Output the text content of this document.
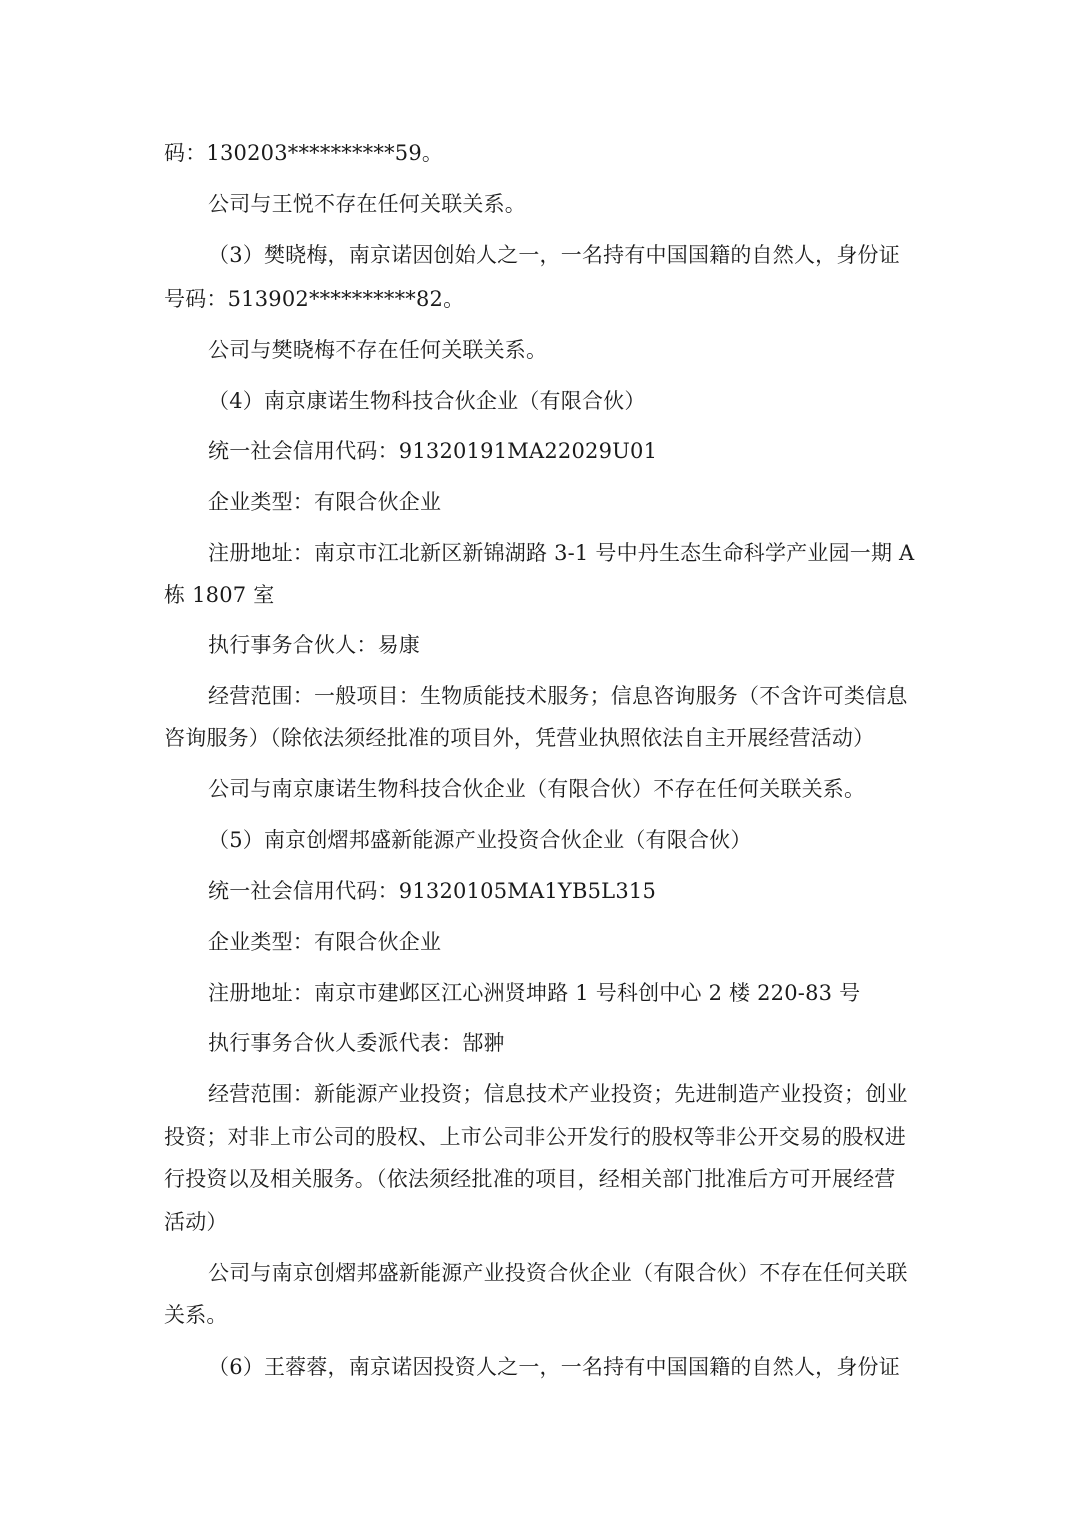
码：130203**********59。
公司与王悦不存在任何关联关系。
（3）樊晓梅，南京诺因创始人之一，一名持有中国国籍的自然人，身份证
号码：513902**********82。
公司与樊晓梅不存在任何关联关系。
（4）南京康诺生物科技合伙企业（有限合伙）
统一社会信用代码：91320191MA22029U01
企业类型：有限合伙企业
注册地址：南京市江北新区新锦湖路 3-1 号中丹生态生命科学产业园一期 A
栋 1807 室
执行事务合伙人：易康
经营范围：一般项目：生物质能技术服务；信息咨询服务（不含许可类信息
咨询服务）（除依法须经批准的项目外，凭营业执照依法自主开展经营活动）
公司与南京康诺生物科技合伙企业（有限合伙）不存在任何关联关系。
（5）南京创熠邦盛新能源产业投资合伙企业（有限合伙）
统一社会信用代码：91320105MA1YB5L315
企业类型：有限合伙企业
注册地址：南京市建邺区江心洲贤坤路 1 号科创中心 2 楼 220-83 号
执行事务合伙人委派代表：郜翀
经营范围：新能源产业投资；信息技术产业投资；先进制造产业投资；创业
投资；对非上市公司的股权、上市公司非公开发行的股权等非公开交易的股权进
行投资以及相关服务。（依法须经批准的项目，经相关部门批准后方可开展经营
活动）
公司与南京创熠邦盛新能源产业投资合伙企业（有限合伙）不存在任何关联
关系。
（6）王蓉蓉，南京诺因投资人之一，一名持有中国国籍的自然人，身份证
